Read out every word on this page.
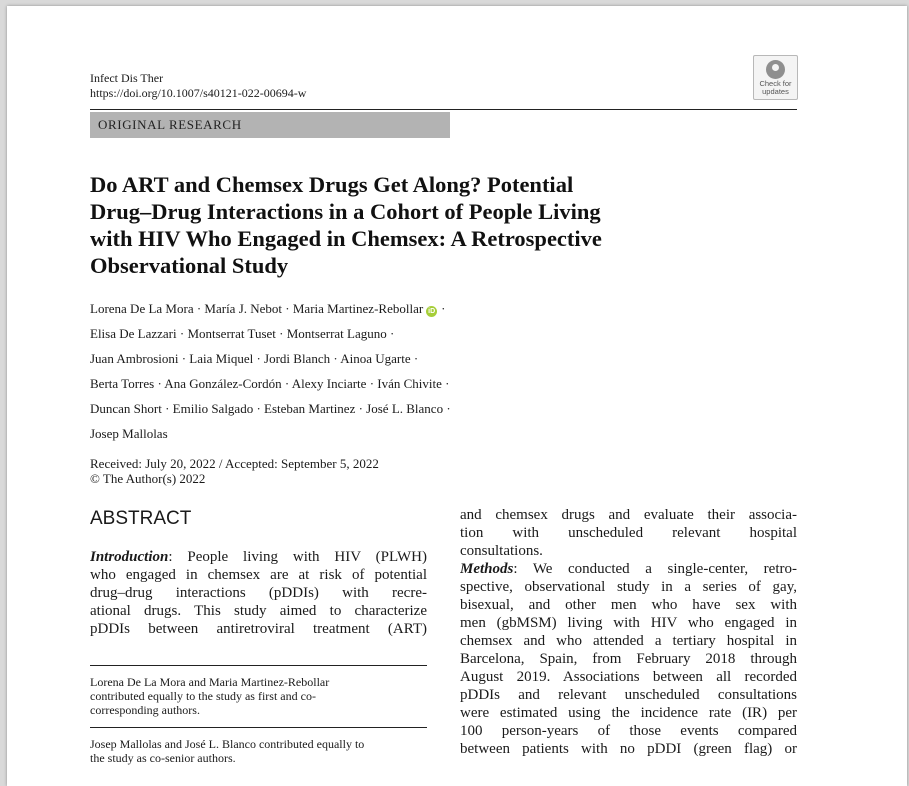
Infect Dis Ther
https://doi.org/10.1007/s40121-022-00694-w
Check for
updates
ORIGINAL RESEARCH
Do ART and Chemsex Drugs Get Along? Potential
Drug–Drug Interactions in a Cohort of People Living
with HIV Who Engaged in Chemsex: A Retrospective
Observational Study
Lorena De La Mora · María J. Nebot · Maria Martinez-Rebollar iD ·
Elisa De Lazzari · Montserrat Tuset · Montserrat Laguno ·
Juan Ambrosioni · Laia Miquel · Jordi Blanch · Ainoa Ugarte ·
Berta Torres · Ana González-Cordón · Alexy Inciarte · Iván Chivite ·
Duncan Short · Emilio Salgado · Esteban Martinez · José L. Blanco ·
Josep Mallolas
Received: July 20, 2022 / Accepted: September 5, 2022
© The Author(s) 2022
ABSTRACT
Introduction: People living with HIV (PLWH)
who engaged in chemsex are at risk of potential
drug–drug interactions (pDDIs) with recre-
ational drugs. This study aimed to characterize
pDDIs between antiretroviral treatment (ART)
Lorena De La Mora and Maria Martinez-Rebollar
contributed equally to the study as first and co-
corresponding authors.
Josep Mallolas and José L. Blanco contributed equally to
the study as co-senior authors.
and chemsex drugs and evaluate their associa-
tion with unscheduled relevant hospital
consultations.
Methods: We conducted a single-center, retro-
spective, observational study in a series of gay,
bisexual, and other men who have sex with
men (gbMSM) living with HIV who engaged in
chemsex and who attended a tertiary hospital in
Barcelona, Spain, from February 2018 through
August 2019. Associations between all recorded
pDDIs and relevant unscheduled consultations
were estimated using the incidence rate (IR) per
100 person-years of those events compared
between patients with no pDDI (green flag) or
